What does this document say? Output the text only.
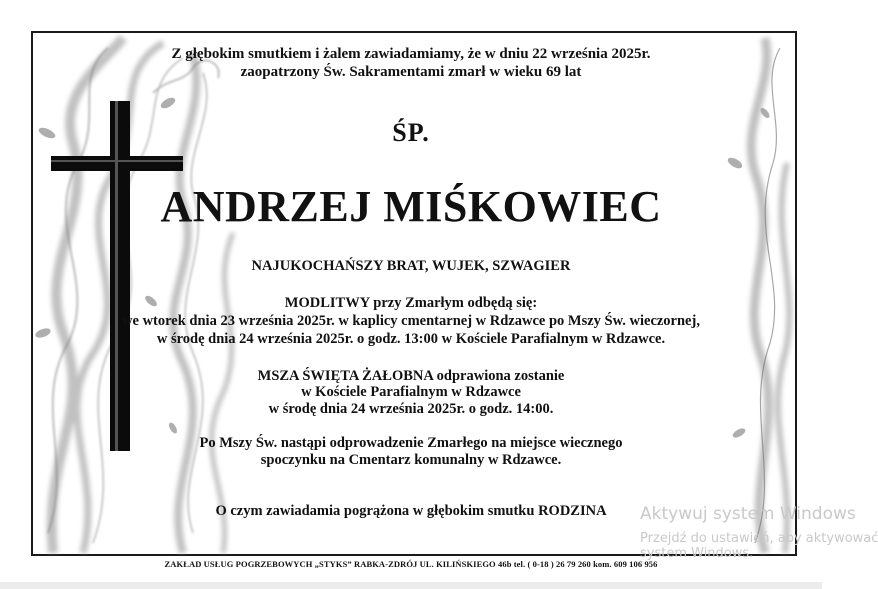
Z głębokim smutkiem i żalem zawiadamiamy, że w dniu 22 września 2025r.
zaopatrzony Św. Sakramentami zmarł w wieku 69 lat
ŚP.
ANDRZEJ MIŚKOWIEC
NAJUKOCHAŃSZY BRAT, WUJEK, SZWAGIER
MODLITWY przy Zmarłym odbędą się:
we wtorek dnia 23 września 2025r. w kaplicy cmentarnej w Rdzawce po Mszy Św. wieczornej,
w środę dnia 24 września 2025r. o godz. 13:00 w Kościele Parafialnym w Rdzawce.
MSZA ŚWIĘTA ŻAŁOBNA odprawiona zostanie
w Kościele Parafialnym w Rdzawce
w środę dnia 24 września 2025r. o godz. 14:00.
Po Mszy Św. nastąpi odprowadzenie Zmarłego na miejsce wiecznego
spoczynku na Cmentarz komunalny w Rdzawce.
O czym zawiadamia pogrążona w głębokim smutku RODZINA
ZAKŁAD USŁUG POGRZEBOWYCH „STYKS” RABKA-ZDRÓJ UL. KILIŃSKIEGO 46b tel. ( 0-18 ) 26 79 260 kom. 609 106 956
Aktywuj system Windows
Przejdź do ustawień, aby aktywować
system Windows.
